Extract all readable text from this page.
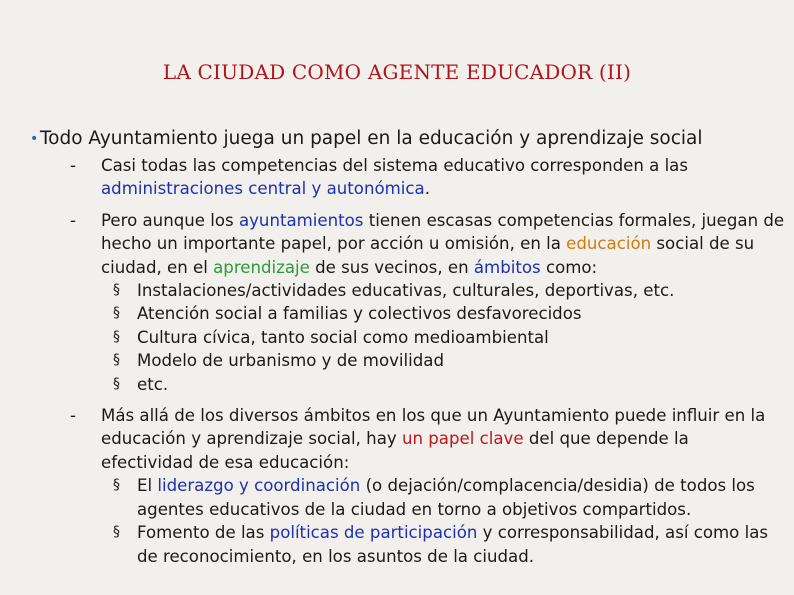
LA CIUDAD COMO AGENTE EDUCADOR (II)
• Todo Ayuntamiento juega un papel en la educación y aprendizaje social
- Casi todas las competencias del sistema educativo corresponden a las administraciones central y autonómica.
- Pero aunque los ayuntamientos tienen escasas competencias formales, juegan de hecho un importante papel, por acción u omisión, en la educación social de su ciudad, en el aprendizaje de sus vecinos, en ámbitos como:
§ Instalaciones/actividades educativas, culturales, deportivas, etc.
§ Atención social a familias y colectivos desfavorecidos
§ Cultura cívica, tanto social como medioambiental
§ Modelo de urbanismo y de movilidad
§ etc.
- Más allá de los diversos ámbitos en los que un Ayuntamiento puede influir en la educación y aprendizaje social, hay un papel clave del que depende la efectividad de esa educación:
§ El liderazgo y coordinación (o dejación/complacencia/desidia) de todos los agentes educativos de la ciudad en torno a objetivos compartidos.
§ Fomento de las políticas de participación y corresponsabilidad, así como las de reconocimiento, en los asuntos de la ciudad.
